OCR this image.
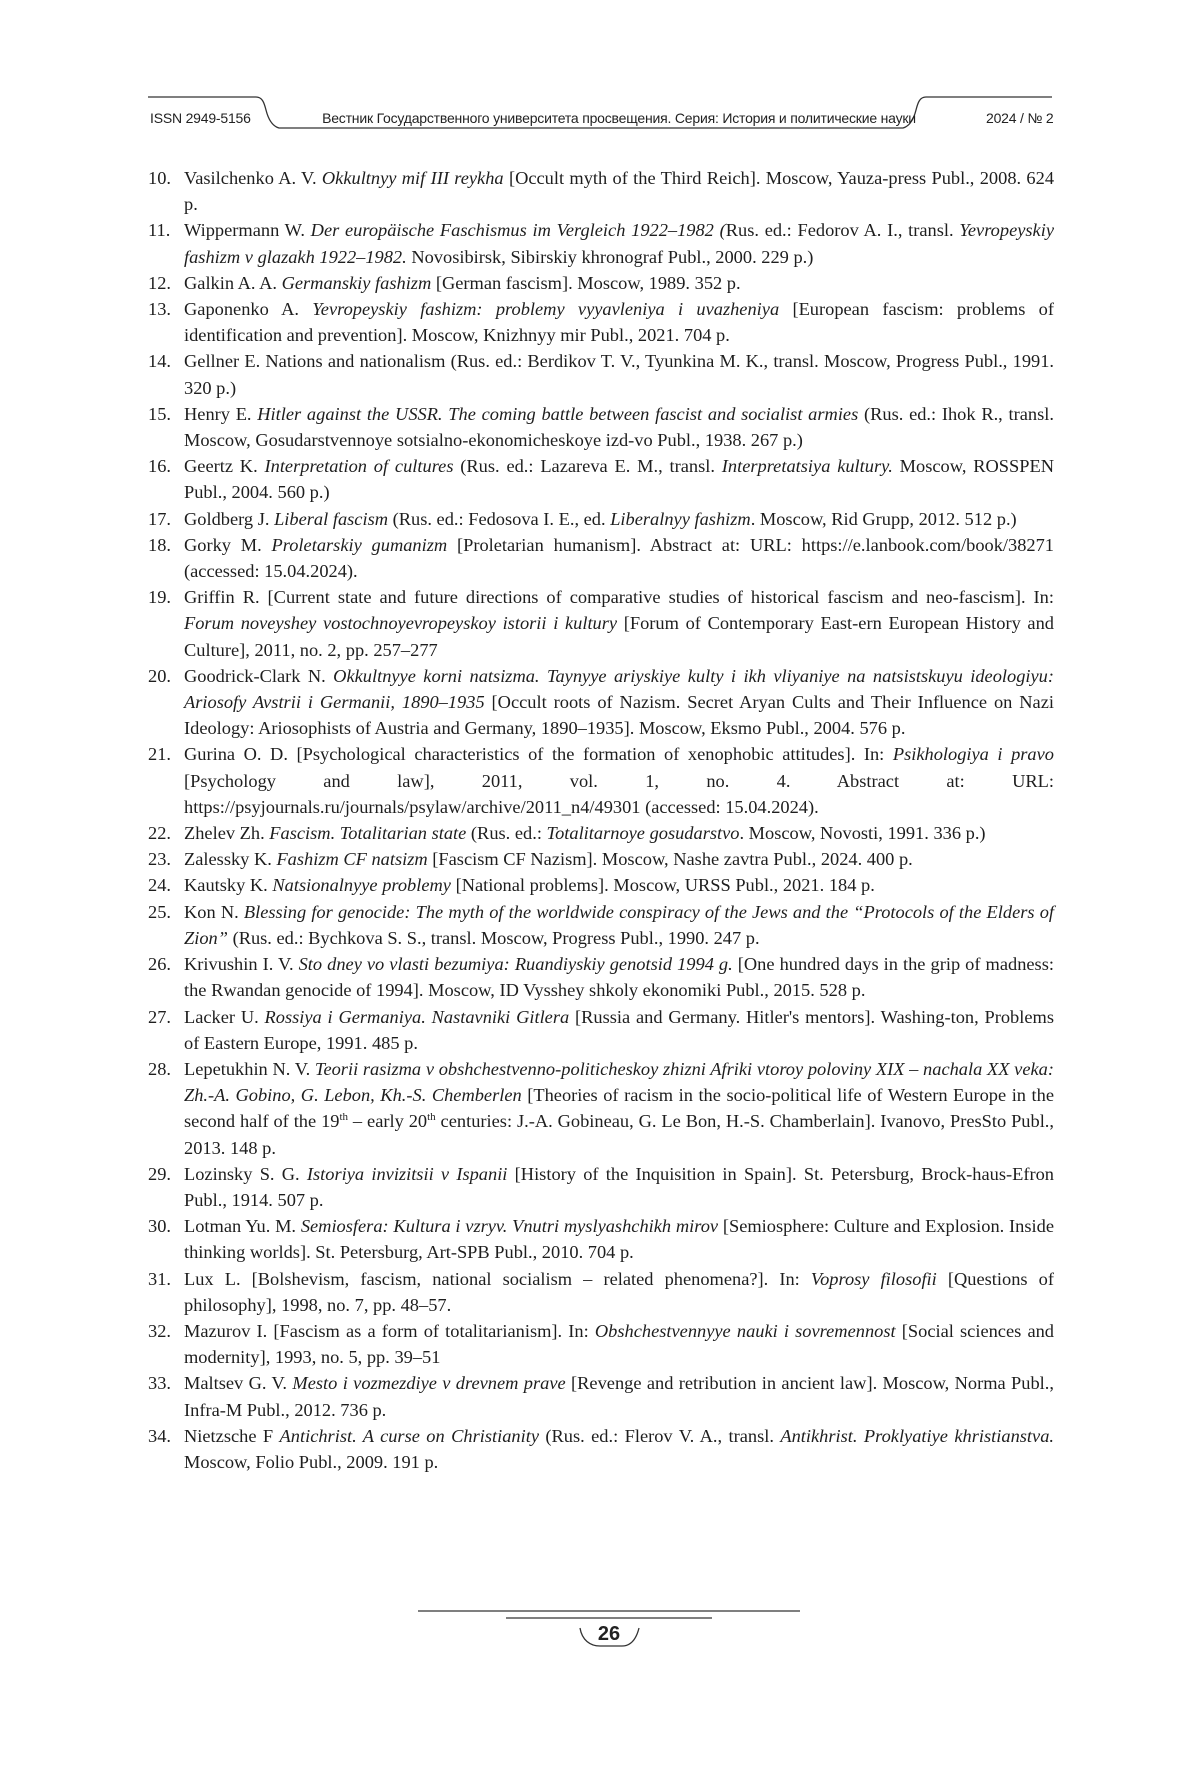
ISSN 2949-5156	Вестник Государственного университета просвещения. Серия: История и политические науки	2024 / № 2
10. Vasilchenko A. V. Okkultnyy mif III reykha [Occult myth of the Third Reich]. Moscow, Yauza-press Publ., 2008. 624 p.
11. Wippermann W. Der europäische Faschismus im Vergleich 1922–1982 (Rus. ed.: Fedorov A. I., transl. Yevropeyskiy fashizm v glazakh 1922–1982. Novosibirsk, Sibirskiy khronograf Publ., 2000. 229 p.)
12. Galkin A. A. Germanskiy fashizm [German fascism]. Moscow, 1989. 352 p.
13. Gaponenko A. Yevropeyskiy fashizm: problemy vyyavleniya i uvazheniya [European fascism: problems of identification and prevention]. Moscow, Knizhnyy mir Publ., 2021. 704 p.
14. Gellner E. Nations and nationalism (Rus. ed.: Berdikov T. V., Tyunkina M. K., transl. Moscow, Progress Publ., 1991. 320 p.)
15. Henry E. Hitler against the USSR. The coming battle between fascist and socialist armies (Rus. ed.: Ihok R., transl. Moscow, Gosudarstvennoye sotsialno-ekonomicheskoye izd-vo Publ., 1938. 267 p.)
16. Geertz K. Interpretation of cultures (Rus. ed.: Lazareva E. M., transl. Interpretatsiya kultury. Moscow, ROSSPEN Publ., 2004. 560 p.)
17. Goldberg J. Liberal fascism (Rus. ed.: Fedosova I. E., ed. Liberalnyy fashizm. Moscow, Rid Grupp, 2012. 512 p.)
18. Gorky M. Proletarskiy gumanizm [Proletarian humanism]. Abstract at: URL: https://e.lanbook.com/book/38271 (accessed: 15.04.2024).
19. Griffin R. [Current state and future directions of comparative studies of historical fascism and neo-fascism]. In: Forum noveyshey vostochnoyevropeyskoy istorii i kultury [Forum of Contemporary East-ern European History and Culture], 2011, no. 2, pp. 257–277
20. Goodrick-Clark N. Okkultnyye korni natsizma. Taynyye ariyskiye kulty i ikh vliyaniye na natsistskuyu ideologiyu: Ariosofy Avstrii i Germanii, 1890–1935 [Occult roots of Nazism. Secret Aryan Cults and Their Influence on Nazi Ideology: Ariosophists of Austria and Germany, 1890–1935]. Moscow, Eksmo Publ., 2004. 576 p.
21. Gurina O. D. [Psychological characteristics of the formation of xenophobic attitudes]. In: Psikhologiya i pravo [Psychology and law], 2011, vol. 1, no. 4. Abstract at: URL: https://psyjournals.ru/journals/psylaw/archive/2011_n4/49301 (accessed: 15.04.2024).
22. Zhelev Zh. Fascism. Totalitarian state (Rus. ed.: Totalitarnoye gosudarstvo. Moscow, Novosti, 1991. 336 p.)
23. Zalessky K. Fashizm CF natsizm [Fascism CF Nazism]. Moscow, Nashe zavtra Publ., 2024. 400 p.
24. Kautsky K. Natsionalnyye problemy [National problems]. Moscow, URSS Publ., 2021. 184 p.
25. Kon N. Blessing for genocide: The myth of the worldwide conspiracy of the Jews and the “Protocols of the Elders of Zion” (Rus. ed.: Bychkova S. S., transl. Moscow, Progress Publ., 1990. 247 p.
26. Krivushin I. V. Sto dney vo vlasti bezumiya: Ruandiyskiy genotsid 1994 g. [One hundred days in the grip of madness: the Rwandan genocide of 1994]. Moscow, ID Vysshey shkoly ekonomiki Publ., 2015. 528 p.
27. Lacker U. Rossiya i Germaniya. Nastavniki Gitlera [Russia and Germany. Hitler's mentors]. Washing-ton, Problems of Eastern Europe, 1991. 485 p.
28. Lepetukhin N. V. Teorii rasizma v obshchestvenno-politicheskoy zhizni Afriki vtoroy poloviny XIX – nachala XX veka: Zh.-A. Gobino, G. Lebon, Kh.-S. Chemberlen [Theories of racism in the socio-political life of Western Europe in the second half of the 19th – early 20th centuries: J.-A. Gobineau, G. Le Bon, H.-S. Chamberlain]. Ivanovo, PresSto Publ., 2013. 148 p.
29. Lozinsky S. G. Istoriya invizitsii v Ispanii [History of the Inquisition in Spain]. St. Petersburg, Brock-haus-Efron Publ., 1914. 507 p.
30. Lotman Yu. M. Semiosfera: Kultura i vzryv. Vnutri myslyashchikh mirov [Semiosphere: Culture and Explosion. Inside thinking worlds]. St. Petersburg, Art-SPB Publ., 2010. 704 p.
31. Lux L. [Bolshevism, fascism, national socialism – related phenomena?]. In: Voprosy filosofii [Questions of philosophy], 1998, no. 7, pp. 48–57.
32. Mazurov I. [Fascism as a form of totalitarianism]. In: Obshchestvennyye nauki i sovremennost [Social sciences and modernity], 1993, no. 5, pp. 39–51
33. Maltsev G. V. Mesto i vozmezdiye v drevnem prave [Revenge and retribution in ancient law]. Moscow, Norma Publ., Infra-M Publ., 2012. 736 p.
34. Nietzsche F Antichrist. A curse on Christianity (Rus. ed.: Flerov V. A., transl. Antikhrist. Proklyatiye khristianstva. Moscow, Folio Publ., 2009. 191 p.
26
